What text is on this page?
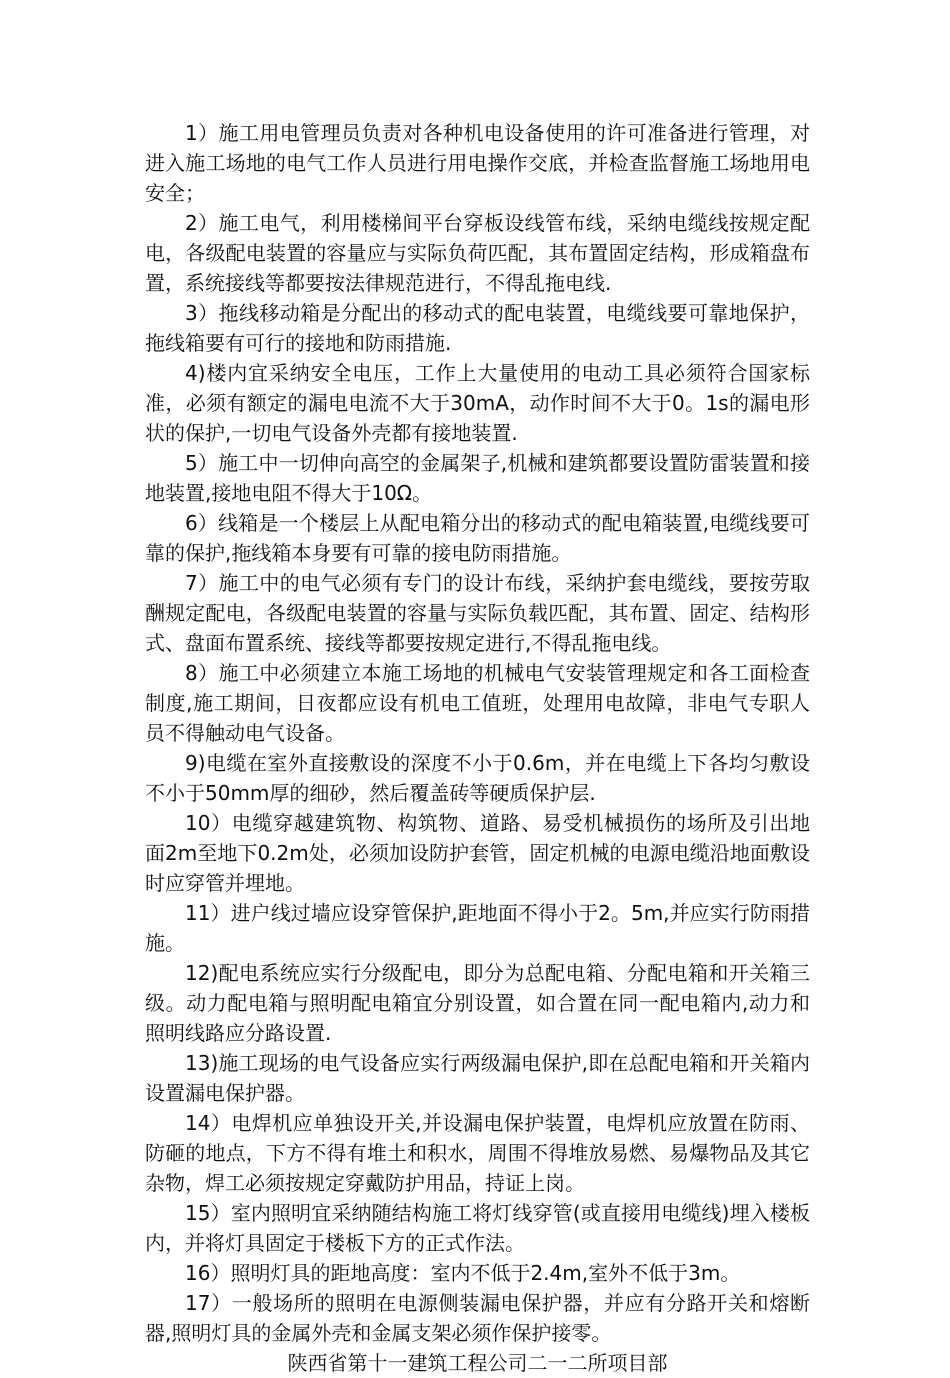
1）施工用电管理员负责对各种机电设备使用的许可准备进行管理，对进入施工场地的电气工作人员进行用电操作交底，并检查监督施工场地用电安全；

2）施工电气，利用楼梯间平台穿板设线管布线，采纳电缆线按规定配电，各级配电装置的容量应与实际负荷匹配，其布置固定结构，形成箱盘布置，系统接线等都要按法律规范进行，不得乱拖电线.

3）拖线移动箱是分配出的移动式的配电装置，电缆线要可靠地保护，拖线箱要有可行的接地和防雨措施.

4)楼内宜采纳安全电压，工作上大量使用的电动工具必须符合国家标准，必须有额定的漏电电流不大于30mA，动作时间不大于0。1s的漏电形状的保护,一切电气设备外壳都有接地装置.

5）施工中一切伸向高空的金属架子,机械和建筑都要设置防雷装置和接地装置,接地电阻不得大于10Ω。

6）线箱是一个楼层上从配电箱分出的移动式的配电箱装置,电缆线要可靠的保护,拖线箱本身要有可靠的接电防雨措施。

7）施工中的电气必须有专门的设计布线，采纳护套电缆线，要按劳取酬规定配电，各级配电装置的容量与实际负载匹配，其布置、固定、结构形式、盘面布置系统、接线等都要按规定进行,不得乱拖电线。

8）施工中必须建立本施工场地的机械电气安装管理规定和各工面检查制度,施工期间，日夜都应设有机电工值班，处理用电故障，非电气专职人员不得触动电气设备。

9)电缆在室外直接敷设的深度不小于0.6m，并在电缆上下各均匀敷设不小于50mm厚的细砂，然后覆盖砖等硬质保护层.

10）电缆穿越建筑物、构筑物、道路、易受机械损伤的场所及引出地面2m至地下0.2m处，必须加设防护套管，固定机械的电源电缆沿地面敷设时应穿管并埋地。

11）进户线过墙应设穿管保护,距地面不得小于2。5m,并应实行防雨措施。

12)配电系统应实行分级配电，即分为总配电箱、分配电箱和开关箱三级。动力配电箱与照明配电箱宜分别设置，如合置在同一配电箱内,动力和照明线路应分路设置.

13)施工现场的电气设备应实行两级漏电保护,即在总配电箱和开关箱内设置漏电保护器。

14）电焊机应单独设开关,并设漏电保护装置，电焊机应放置在防雨、防砸的地点，下方不得有堆土和积水，周围不得堆放易燃、易爆物品及其它杂物，焊工必须按规定穿戴防护用品，持证上岗。

15）室内照明宜采纳随结构施工将灯线穿管(或直接用电缆线)埋入楼板内，并将灯具固定于楼板下方的正式作法。

16）照明灯具的距地高度：室内不低于2.4m,室外不低于3m。

17）一般场所的照明在电源侧装漏电保护器，并应有分路开关和熔断器,照明灯具的金属外壳和金属支架必须作保护接零。

陕西省第十一建筑工程公司二一二所项目部
